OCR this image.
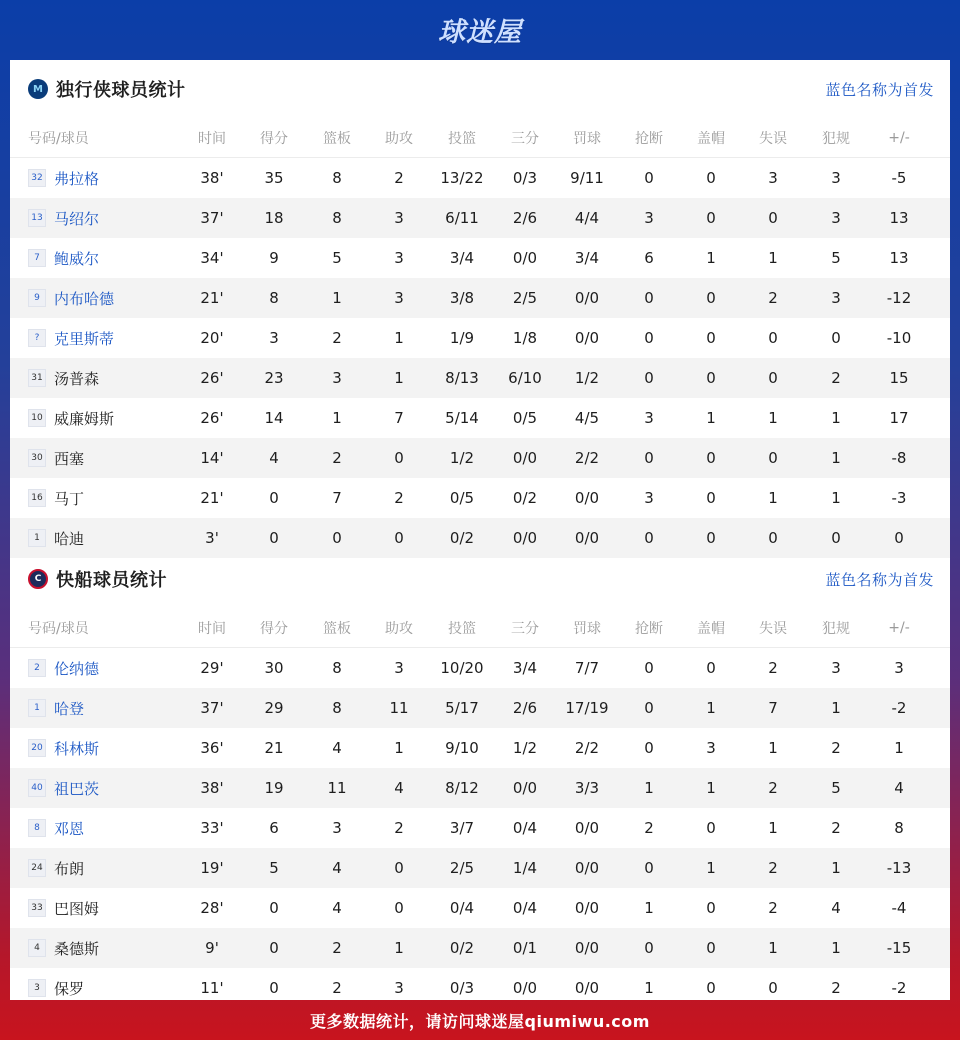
球迷屋
M 独行侠球员统计	蓝色名称为首发
号码/球员	时间	得分	篮板	助攻	投篮	三分	罚球	抢断	盖帽	失误	犯规	+/-
32 弗拉格	38'	35	8	2	13/22	0/3	9/11	0	0	3	3	-5
13 马绍尔	37'	18	8	3	6/11	2/6	4/4	3	0	0	3	13
7 鲍威尔	34'	9	5	3	3/4	0/0	3/4	6	1	1	5	13
9 内布哈德	21'	8	1	3	3/8	2/5	0/0	0	0	2	3	-12
? 克里斯蒂	20'	3	2	1	1/9	1/8	0/0	0	0	0	0	-10
31 汤普森	26'	23	3	1	8/13	6/10	1/2	0	0	0	2	15
10 威廉姆斯	26'	14	1	7	5/14	0/5	4/5	3	1	1	1	17
30 西塞	14'	4	2	0	1/2	0/0	2/2	0	0	0	1	-8
16 马丁	21'	0	7	2	0/5	0/2	0/0	3	0	1	1	-3
1 哈迪	3'	0	0	0	0/2	0/0	0/0	0	0	0	0	0
C 快船球员统计	蓝色名称为首发
号码/球员	时间	得分	篮板	助攻	投篮	三分	罚球	抢断	盖帽	失误	犯规	+/-
2 伦纳德	29'	30	8	3	10/20	3/4	7/7	0	0	2	3	3
1 哈登	37'	29	8	11	5/17	2/6	17/19	0	1	7	1	-2
20 科林斯	36'	21	4	1	9/10	1/2	2/2	0	3	1	2	1
40 祖巴茨	38'	19	11	4	8/12	0/0	3/3	1	1	2	5	4
8 邓恩	33'	6	3	2	3/7	0/4	0/0	2	0	1	2	8
24 布朗	19'	5	4	0	2/5	1/4	0/0	0	1	2	1	-13
33 巴图姆	28'	0	4	0	0/4	0/4	0/0	1	0	2	4	-4
4 桑德斯	9'	0	2	1	0/2	0/1	0/0	0	0	1	1	-15
3 保罗	11'	0	2	3	0/3	0/0	0/0	1	0	0	2	-2
更多数据统计，请访问球迷屋qiumiwu.com
